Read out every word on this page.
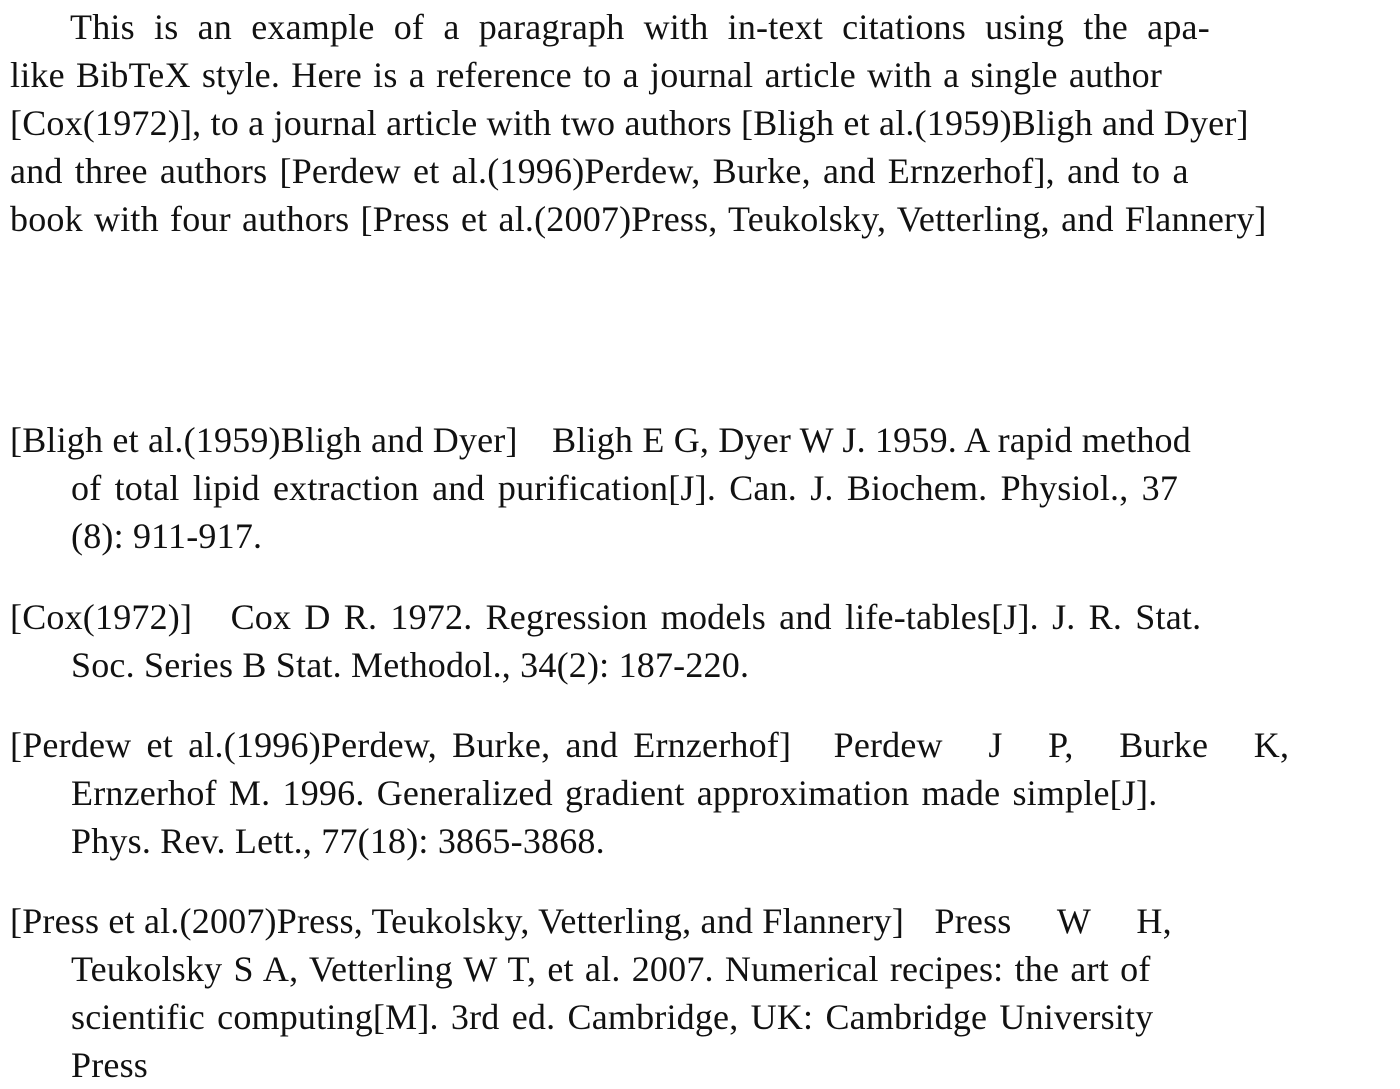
This is an example of a paragraph with in-text citations using the apa-
like BibTeX style. Here is a reference to a journal article with a single author
[Cox(1972)], to a journal article with two authors [Bligh et al.(1959)Bligh and Dyer]
and three authors [Perdew et al.(1996)Perdew, Burke, and Ernzerhof], and to a
book with four authors [Press et al.(2007)Press, Teukolsky, Vetterling, and Flannery]
[Bligh et al.(1959)Bligh and Dyer] Bligh E G, Dyer W J. 1959. A rapid method
of total lipid extraction and purification[J]. Can. J. Biochem. Physiol., 37
(8): 911-917.
[Cox(1972)] Cox D R. 1972. Regression models and life-tables[J]. J. R. Stat.
Soc. Series B Stat. Methodol., 34(2): 187-220.
[Perdew et al.(1996)Perdew, Burke, and Ernzerhof] Perdew   J   P,   Burke   K,
Ernzerhof M. 1996. Generalized gradient approximation made simple[J].
Phys. Rev. Lett., 77(18): 3865-3868.
[Press et al.(2007)Press, Teukolsky, Vetterling, and Flannery] Press     W     H,
Teukolsky S A, Vetterling W T, et al. 2007. Numerical recipes: the art of
scientific computing[M]. 3rd ed. Cambridge, UK: Cambridge University
Press
